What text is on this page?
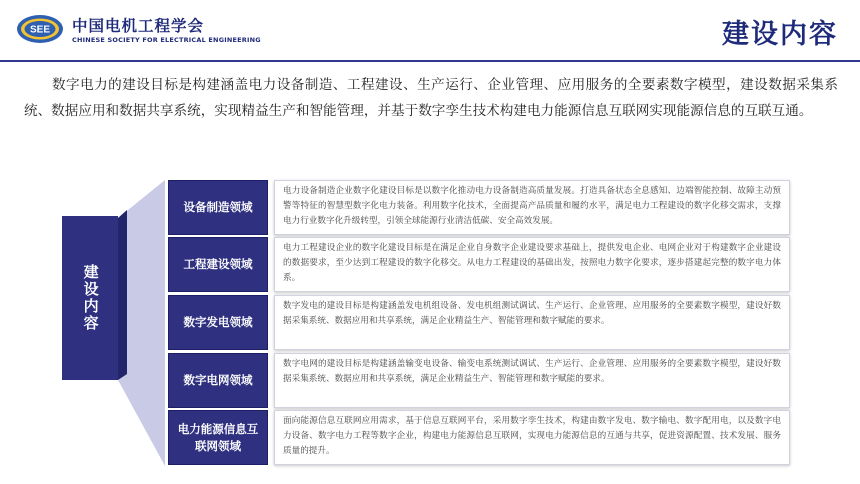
SEE 中国电机工程学会
CHINESE SOCIETY FOR ELECTRICAL ENGINEERING	建设内容

数字电力的建设目标是构建涵盖电力设备制造、工程建设、生产运行、企业管理、应用服务的全要素数字模型，建设数据采集系统、数据应用和数据共享系统，实现精益生产和智能管理，并基于数字孪生技术构建电力能源信息互联网实现能源信息的互联互通。

建设内容
设备制造领域
电力设备制造企业数字化建设目标是以数字化推动电力设备制造高质量发展。打造具备状态全息感知、边端智能控制、故障主动预警等特征的智慧型数字化电力装备。利用数字化技术，全面提高产品质量和履约水平，满足电力工程建设的数字化移交需求，支撑电力行业数字化升级转型，引领全球能源行业清洁低碳、安全高效发展。
工程建设领域
电力工程建设企业的数字化建设目标是在满足企业自身数字企业建设要求基础上，提供发电企业、电网企业对于构建数字企业建设的数据要求，至少达到工程建设的数字化移交。从电力工程建设的基础出发，按照电力数字化要求，逐步搭建起完整的数字电力体系。
数字发电领域
数字发电的建设目标是构建涵盖发电机组设备、发电机组测试调试、生产运行、企业管理、应用服务的全要素数字模型，建设好数据采集系统、数据应用和共享系统，满足企业精益生产、智能管理和数字赋能的要求。
数字电网领域
数字电网的建设目标是构建涵盖输变电设备、输变电系统测试调试、生产运行、企业管理、应用服务的全要素数字模型，建设好数据采集系统、数据应用和共享系统，满足企业精益生产、智能管理和数字赋能的要求。
电力能源信息互联网领域
面向能源信息互联网应用需求，基于信息互联网平台，采用数字孪生技术，构建由数字发电、数字输电、数字配用电，以及数字电力设备、数字电力工程等数字企业，构建电力能源信息互联网，实现电力能源信息的互通与共享，促进资源配置、技术发展、服务质量的提升。
